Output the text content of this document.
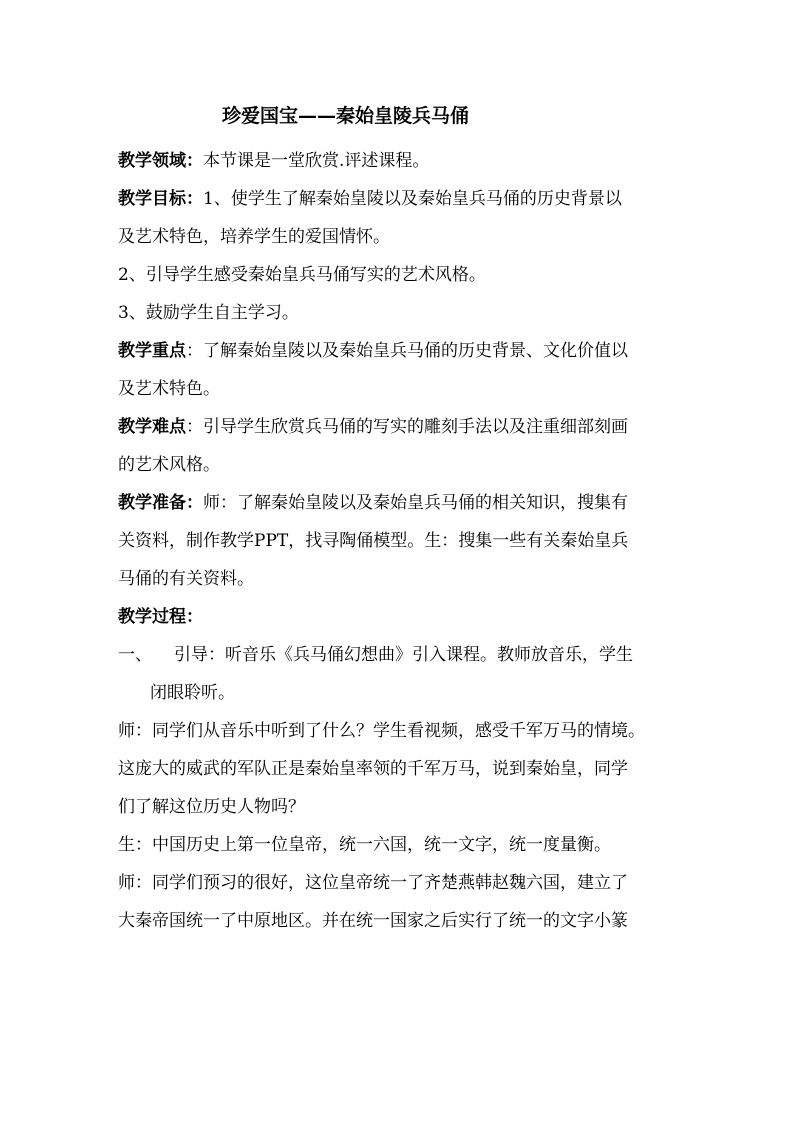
珍爱国宝——秦始皇陵兵马俑
教学领域：本节课是一堂欣赏.评述课程。
教学目标：1、使学生了解秦始皇陵以及秦始皇兵马俑的历史背景以
及艺术特色，培养学生的爱国情怀。
2、引导学生感受秦始皇兵马俑写实的艺术风格。
3、鼓励学生自主学习。
教学重点：了解秦始皇陵以及秦始皇兵马俑的历史背景、文化价值以
及艺术特色。
教学难点：引导学生欣赏兵马俑的写实的雕刻手法以及注重细部刻画
的艺术风格。
教学准备：师：了解秦始皇陵以及秦始皇兵马俑的相关知识，搜集有
关资料，制作教学PPT，找寻陶俑模型。生：搜集一些有关秦始皇兵
马俑的有关资料。
教学过程：
一、 引导：听音乐《兵马俑幻想曲》引入课程。教师放音乐，学生
闭眼聆听。
师：同学们从音乐中听到了什么？学生看视频，感受千军万马的情境。
这庞大的威武的军队正是秦始皇率领的千军万马，说到秦始皇，同学
们了解这位历史人物吗？
生：中国历史上第一位皇帝，统一六国，统一文字，统一度量衡。
师：同学们预习的很好，这位皇帝统一了齐楚燕韩赵魏六国，建立了
大秦帝国统一了中原地区。并在统一国家之后实行了统一的文字小篆
